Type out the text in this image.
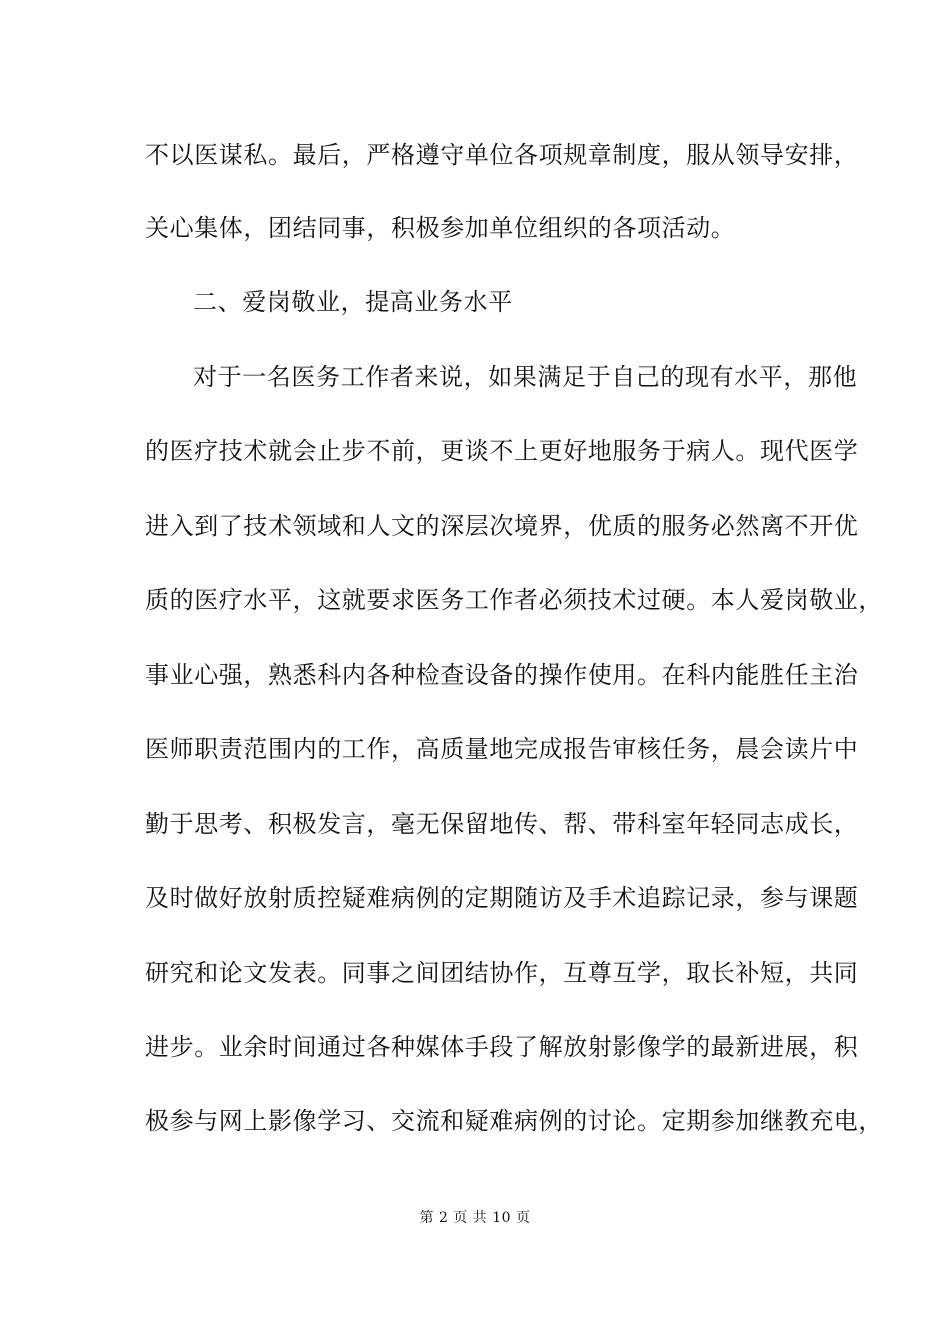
不以医谋私。最后，严格遵守单位各项规章制度，服从领导安排，
关心集体，团结同事，积极参加单位组织的各项活动。
二、爱岗敬业，提高业务水平
对于一名医务工作者来说，如果满足于自己的现有水平，那他
的医疗技术就会止步不前，更谈不上更好地服务于病人。现代医学
进入到了技术领域和人文的深层次境界，优质的服务必然离不开优
质的医疗水平，这就要求医务工作者必须技术过硬。本人爱岗敬业，
事业心强，熟悉科内各种检查设备的操作使用。在科内能胜任主治
医师职责范围内的工作，高质量地完成报告审核任务，晨会读片中
勤于思考、积极发言，毫无保留地传、帮、带科室年轻同志成长，
及时做好放射质控疑难病例的定期随访及手术追踪记录，参与课题
研究和论文发表。同事之间团结协作，互尊互学，取长补短，共同
进步。业余时间通过各种媒体手段了解放射影像学的最新进展，积
极参与网上影像学习、交流和疑难病例的讨论。定期参加继教充电，
第 2 页 共 10 页
